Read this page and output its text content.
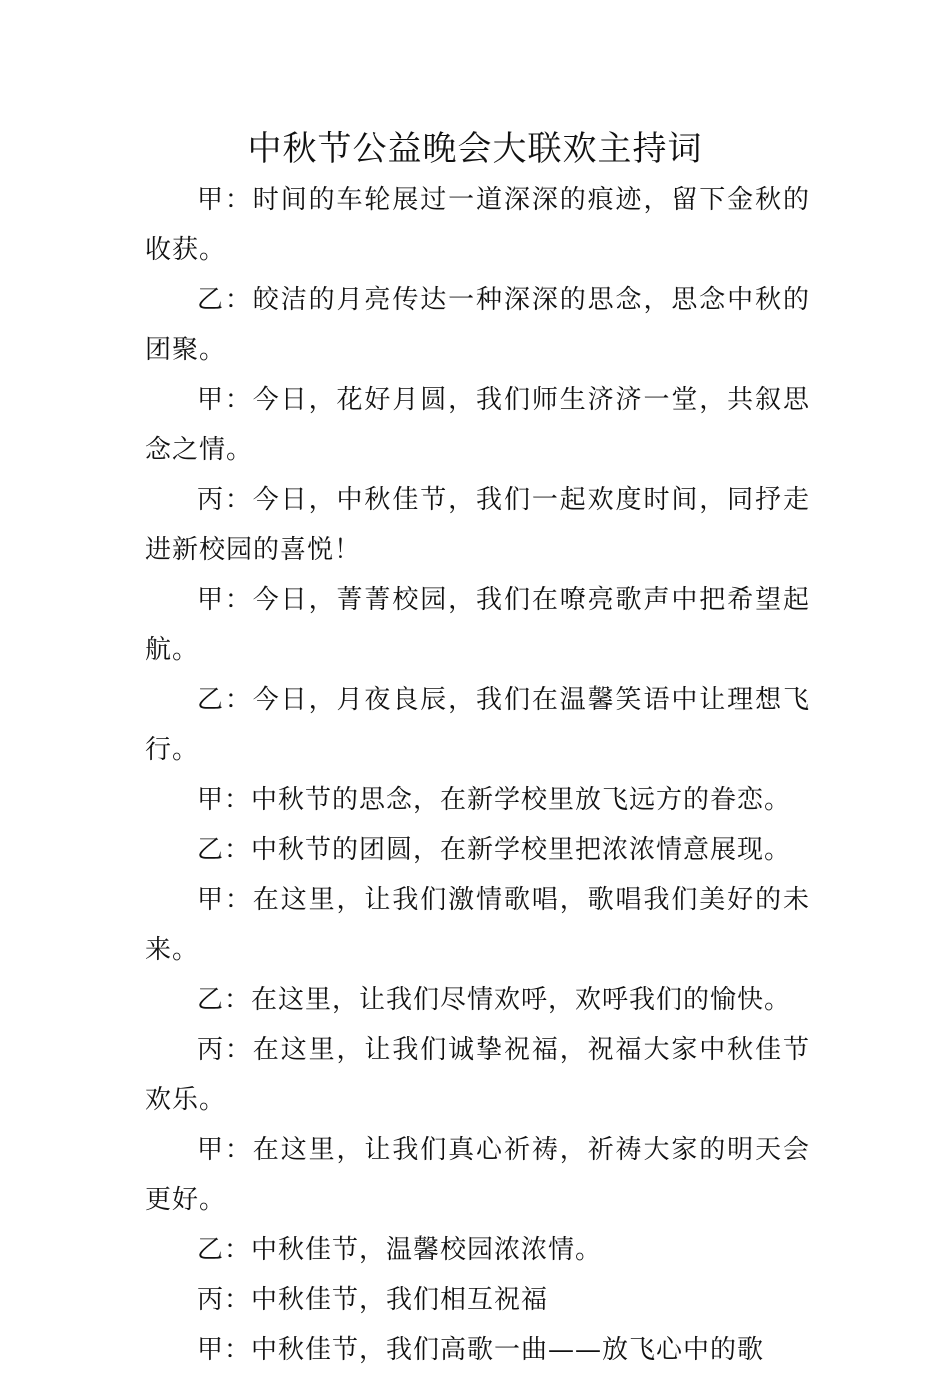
中秋节公益晚会大联欢主持词

甲：时间的车轮展过一道深深的痕迹，留下金秋的收获。

乙：皎洁的月亮传达一种深深的思念，思念中秋的团聚。

甲：今日，花好月圆，我们师生济济一堂，共叙思念之情。

丙：今日，中秋佳节，我们一起欢度时间，同抒走进新校园的喜悦！

甲：今日，菁菁校园，我们在嘹亮歌声中把希望起航。

乙：今日，月夜良辰，我们在温馨笑语中让理想飞行。

甲：中秋节的思念，在新学校里放飞远方的眷恋。

乙：中秋节的团圆，在新学校里把浓浓情意展现。

甲：在这里，让我们激情歌唱，歌唱我们美好的未来。

乙：在这里，让我们尽情欢呼，欢呼我们的愉快。

丙：在这里，让我们诚挚祝福，祝福大家中秋佳节欢乐。

甲：在这里，让我们真心祈祷，祈祷大家的明天会更好。

乙：中秋佳节，温馨校园浓浓情。

丙：中秋佳节，我们相互祝福

甲：中秋佳节，我们高歌一曲——放飞心中的歌
